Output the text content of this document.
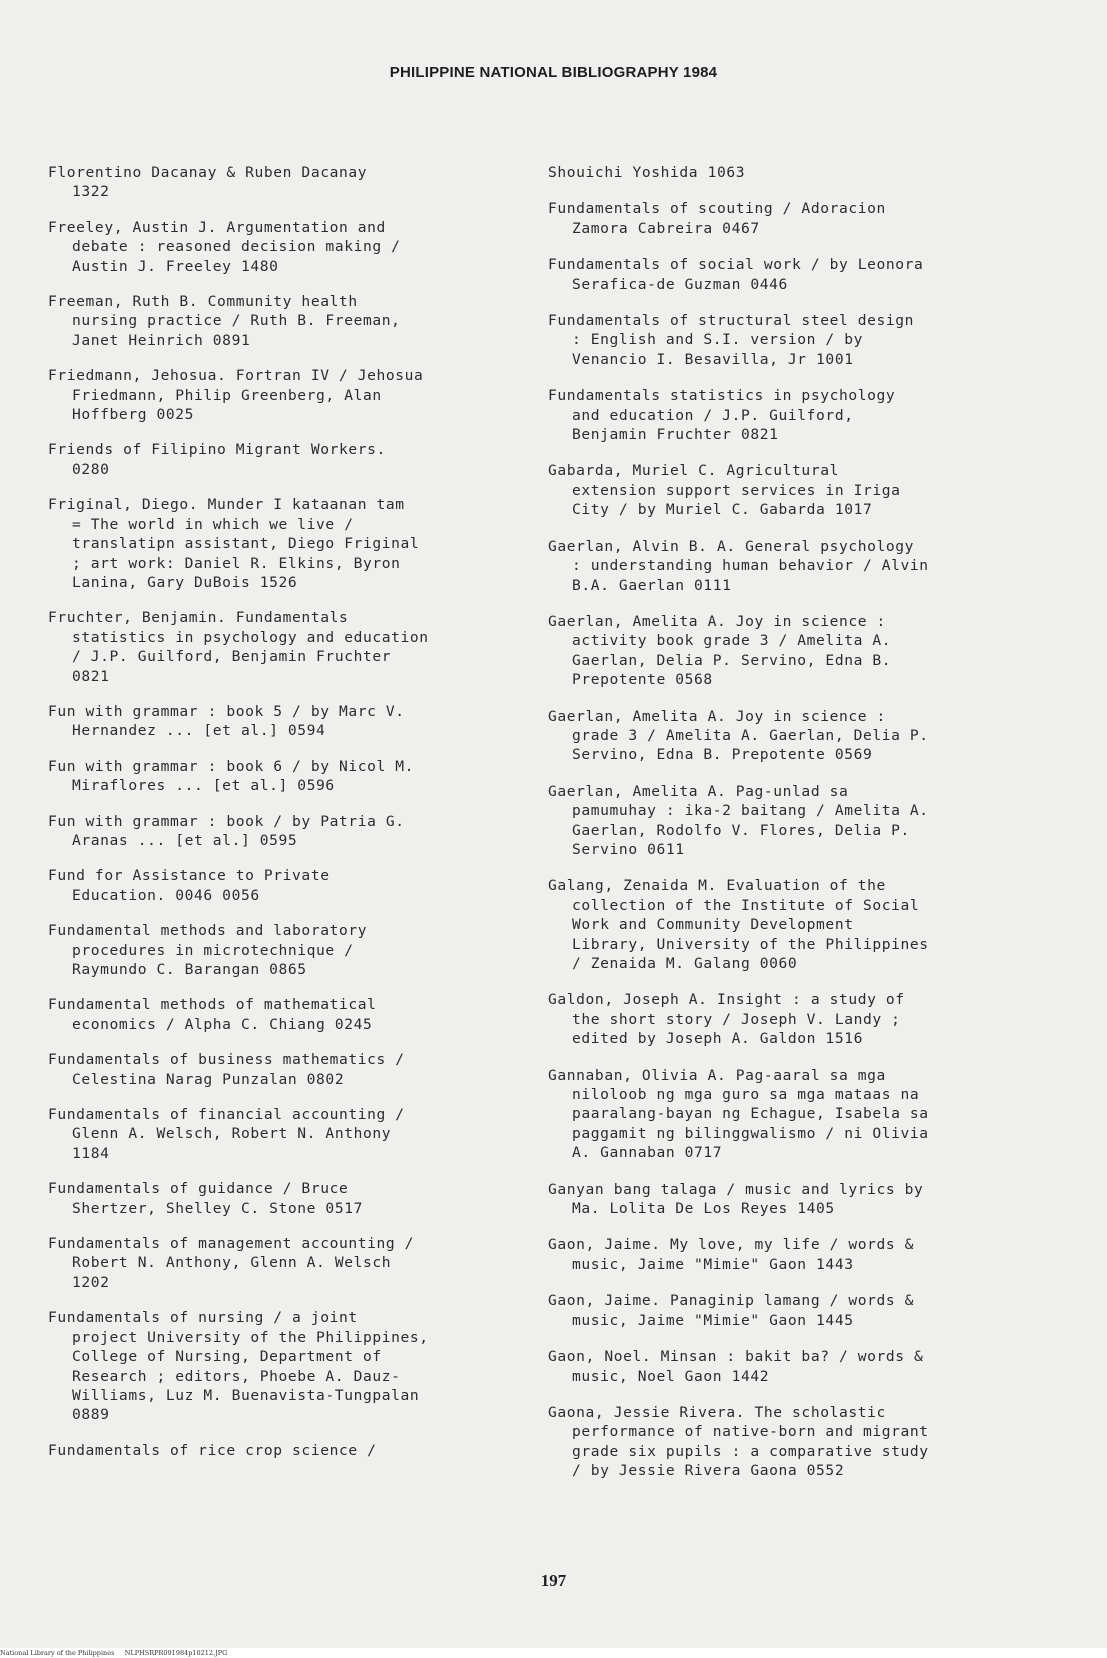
PHILIPPINE NATIONAL BIBLIOGRAPHY 1984
Florentino Dacanay & Ruben Dacanay
1322
Freeley, Austin J. Argumentation and
debate : reasoned decision making /
Austin J. Freeley 1480
Freeman, Ruth B. Community health
nursing practice / Ruth B. Freeman,
Janet Heinrich 0891
Friedmann, Jehosua. Fortran IV / Jehosua
Friedmann, Philip Greenberg, Alan
Hoffberg 0025
Friends of Filipino Migrant Workers.
0280
Friginal, Diego. Munder I kataanan tam
= The world in which we live /
translatipn assistant, Diego Friginal
; art work: Daniel R. Elkins, Byron
Lanina, Gary DuBois 1526
Fruchter, Benjamin. Fundamentals
statistics in psychology and education
/ J.P. Guilford, Benjamin Fruchter
0821
Fun with grammar : book 5 / by Marc V.
Hernandez ... [et al.] 0594
Fun with grammar : book 6 / by Nicol M.
Miraflores ... [et al.] 0596
Fun with grammar : book / by Patria G.
Aranas ... [et al.] 0595
Fund for Assistance to Private
Education. 0046 0056
Fundamental methods and laboratory
procedures in microtechnique /
Raymundo C. Barangan 0865
Fundamental methods of mathematical
economics / Alpha C. Chiang 0245
Fundamentals of business mathematics /
Celestina Narag Punzalan 0802
Fundamentals of financial accounting /
Glenn A. Welsch, Robert N. Anthony
1184
Fundamentals of guidance / Bruce
Shertzer, Shelley C. Stone 0517
Fundamentals of management accounting /
Robert N. Anthony, Glenn A. Welsch
1202
Fundamentals of nursing / a joint
project University of the Philippines,
College of Nursing, Department of
Research ; editors, Phoebe A. Dauz-
Williams, Luz M. Buenavista-Tungpalan
0889
Fundamentals of rice crop science /
Shouichi Yoshida 1063
Fundamentals of scouting / Adoracion
Zamora Cabreira 0467
Fundamentals of social work / by Leonora
Serafica-de Guzman 0446
Fundamentals of structural steel design
: English and S.I. version / by
Venancio I. Besavilla, Jr 1001
Fundamentals statistics in psychology
and education / J.P. Guilford,
Benjamin Fruchter 0821
Gabarda, Muriel C. Agricultural
extension support services in Iriga
City / by Muriel C. Gabarda 1017
Gaerlan, Alvin B. A. General psychology
: understanding human behavior / Alvin
B.A. Gaerlan 0111
Gaerlan, Amelita A. Joy in science :
activity book grade 3 / Amelita A.
Gaerlan, Delia P. Servino, Edna B.
Prepotente 0568
Gaerlan, Amelita A. Joy in science :
grade 3 / Amelita A. Gaerlan, Delia P.
Servino, Edna B. Prepotente 0569
Gaerlan, Amelita A. Pag-unlad sa
pamumuhay : ika-2 baitang / Amelita A.
Gaerlan, Rodolfo V. Flores, Delia P.
Servino 0611
Galang, Zenaida M. Evaluation of the
collection of the Institute of Social
Work and Community Development
Library, University of the Philippines
/ Zenaida M. Galang 0060
Galdon, Joseph A. Insight : a study of
the short story / Joseph V. Landy ;
edited by Joseph A. Galdon 1516
Gannaban, Olivia A. Pag-aaral sa mga
niloloob ng mga guro sa mga mataas na
paaralang-bayan ng Echague, Isabela sa
paggamit ng bilinggwalismo / ni Olivia
A. Gannaban 0717
Ganyan bang talaga / music and lyrics by
Ma. Lolita De Los Reyes 1405
Gaon, Jaime. My love, my life / words &
music, Jaime "Mimie" Gaon 1443
Gaon, Jaime. Panaginip lamang / words &
music, Jaime "Mimie" Gaon 1445
Gaon, Noel. Minsan : bakit ba? / words &
music, Noel Gaon 1442
Gaona, Jessie Rivera. The scholastic
performance of native-born and migrant
grade six pupils : a comparative study
/ by Jessie Rivera Gaona 0552
197
National Library of the Philippines     NLPHSRPR091984p10212.JPG
